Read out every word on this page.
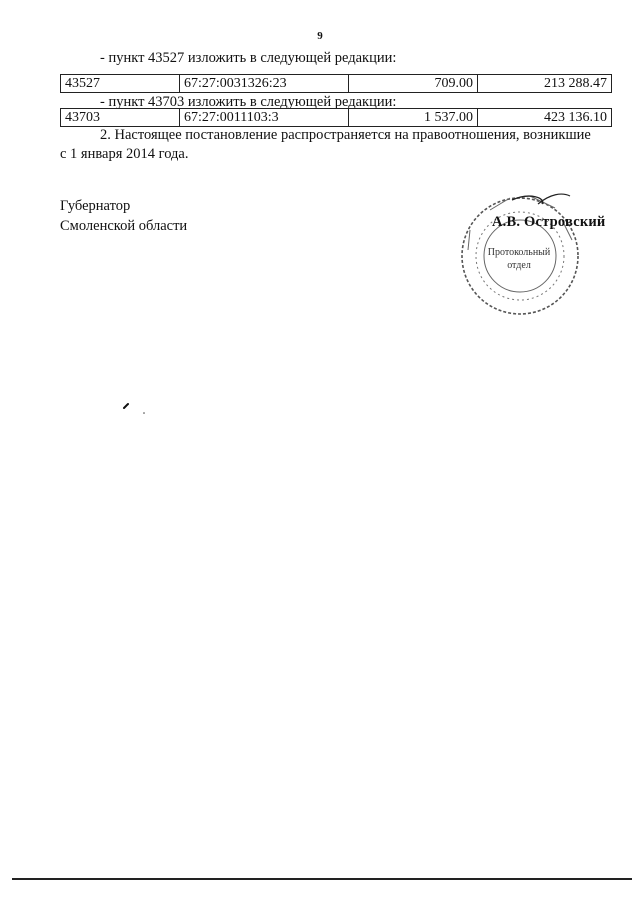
9
- пункт 43527 изложить в следующей редакции:
43527	67:27:0031326:23	709.00	213 288.47
- пункт 43703 изложить в следующей редакции:
43703	67:27:0011103:3	1 537.00	423 136.10
2. Настоящее постановление распространяется на правоотношения, возникшие
с 1 января 2014 года.
Губернатор
Смоленской области	А.В. Островский
Протокольный
отдел
